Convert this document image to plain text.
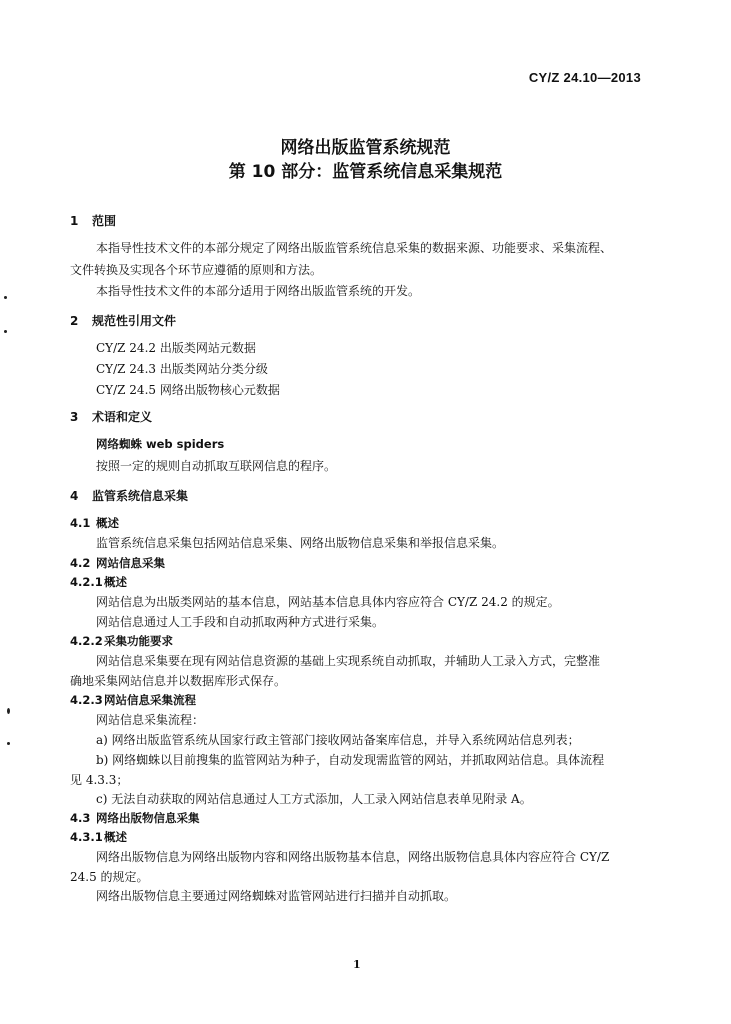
CY/Z 24.10—2013
网络出版监管系统规范
第 10 部分：监管系统信息采集规范
1 范围
本指导性技术文件的本部分规定了网络出版监管系统信息采集的数据来源、功能要求、采集流程、
文件转换及实现各个环节应遵循的原则和方法。
本指导性技术文件的本部分适用于网络出版监管系统的开发。
2 规范性引用文件
CY/Z 24.2 出版类网站元数据
CY/Z 24.3 出版类网站分类分级
CY/Z 24.5 网络出版物核心元数据
3 术语和定义
网络蜘蛛 web spiders
按照一定的规则自动抓取互联网信息的程序。
4 监管系统信息采集
4.1 概述
监管系统信息采集包括网站信息采集、网络出版物信息采集和举报信息采集。
4.2 网站信息采集
4.2.1概述
网站信息为出版类网站的基本信息，网站基本信息具体内容应符合 CY/Z 24.2 的规定。
网站信息通过人工手段和自动抓取两种方式进行采集。
4.2.2采集功能要求
网站信息采集要在现有网站信息资源的基础上实现系统自动抓取，并辅助人工录入方式，完整准
确地采集网站信息并以数据库形式保存。
4.2.3网站信息采集流程
网站信息采集流程：
a) 网络出版监管系统从国家行政主管部门接收网站备案库信息，并导入系统网站信息列表；
b) 网络蜘蛛以目前搜集的监管网站为种子，自动发现需监管的网站，并抓取网站信息。具体流程
见 4.3.3；
c) 无法自动获取的网站信息通过人工方式添加，人工录入网站信息表单见附录 A。
4.3 网络出版物信息采集
4.3.1概述
网络出版物信息为网络出版物内容和网络出版物基本信息，网络出版物信息具体内容应符合 CY/Z
24.5 的规定。
网络出版物信息主要通过网络蜘蛛对监管网站进行扫描并自动抓取。
1
